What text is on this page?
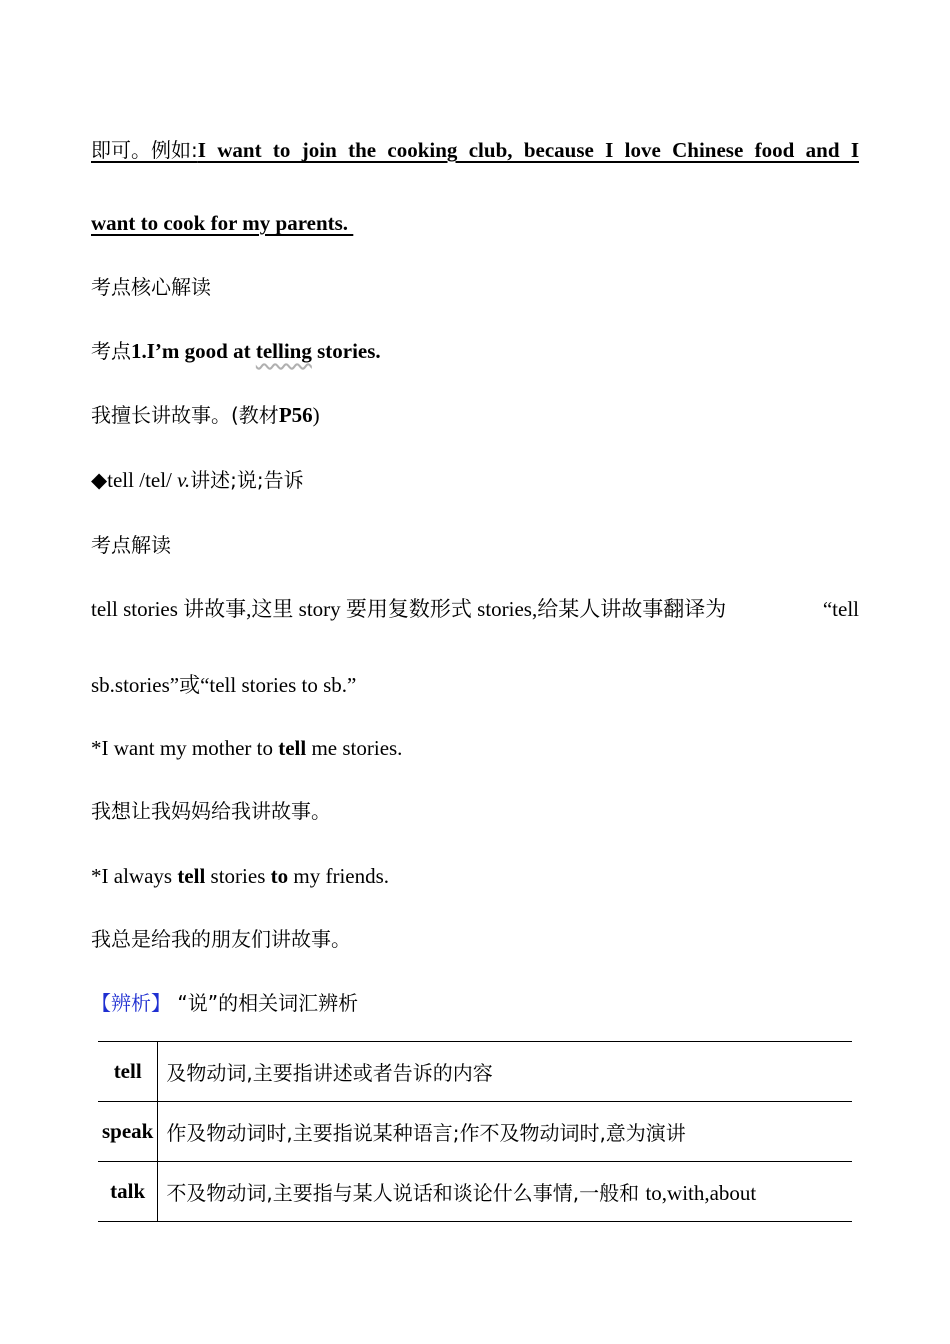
即可。例如: I want to join the cooking club, because I love Chinese food and I
want to cook for my parents.
考点核心解读
考点1.I’m good at telling stories.
我擅长讲故事。(教材P56)
◆tell /tel/ v.讲述;说;告诉
考点解读
tell stories 讲故事,这里 story 要用复数形式 stories,给某人讲故事翻译为	“tell
sb.stories”或“tell stories to sb.”
*I want my mother to tell me stories.
我想让我妈妈给我讲故事。
*I always tell stories to my friends.
我总是给我的朋友们讲故事。
【辨析】 “说”的相关词汇辨析
tell	及物动词,主要指讲述或者告诉的内容
speak	作及物动词时,主要指说某种语言;作不及物动词时,意为演讲
talk	不及物动词,主要指与某人说话和谈论什么事情,一般和 to,with,about
